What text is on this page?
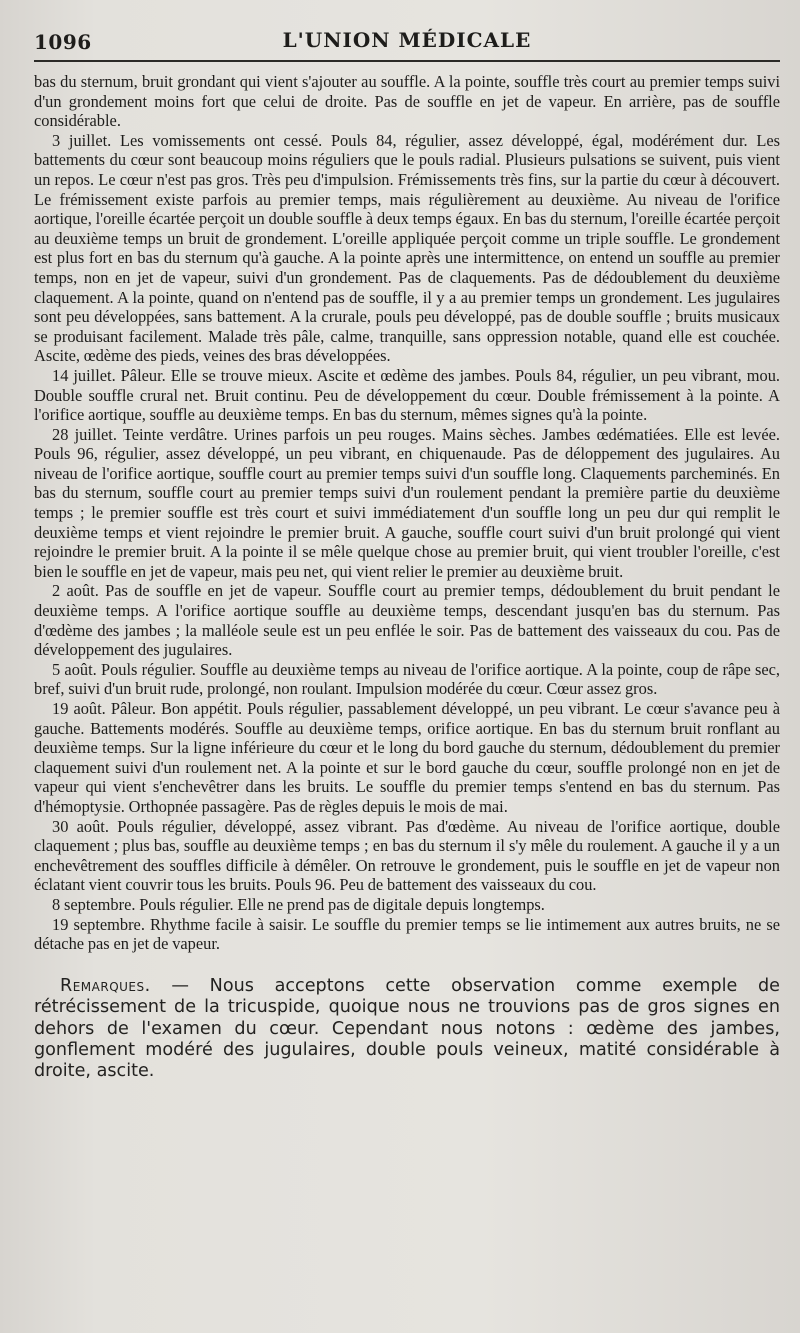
1096	L'UNION MÉDICALE

bas du sternum, bruit grondant qui vient s'ajouter au souffle. A la pointe, souffle très court au premier temps suivi d'un grondement moins fort que celui de droite. Pas de souffle en jet de vapeur. En arrière, pas de souffle considérable.

3 juillet. Les vomissements ont cessé. Pouls 84, régulier, assez développé, égal, modérément dur. Les battements du cœur sont beaucoup moins réguliers que le pouls radial. Plusieurs pulsations se suivent, puis vient un repos. Le cœur n'est pas gros. Très peu d'impulsion. Frémissements très fins, sur la partie du cœur à découvert. Le frémissement existe parfois au premier temps, mais régulièrement au deuxième. Au niveau de l'orifice aortique, l'oreille écartée perçoit un double souffle à deux temps égaux. En bas du sternum, l'oreille écartée perçoit au deuxième temps un bruit de grondement. L'oreille appliquée perçoit comme un triple souffle. Le grondement est plus fort en bas du sternum qu'à gauche. A la pointe après une intermittence, on entend un souffle au premier temps, non en jet de vapeur, suivi d'un grondement. Pas de claquements. Pas de dédoublement du deuxième claquement. A la pointe, quand on n'entend pas de souffle, il y a au premier temps un grondement. Les jugulaires sont peu développées, sans battement. A la crurale, pouls peu développé, pas de double souffle ; bruits musicaux se produisant facilement. Malade très pâle, calme, tranquille, sans oppression notable, quand elle est couchée. Ascite, œdème des pieds, veines des bras développées.

14 juillet. Pâleur. Elle se trouve mieux. Ascite et œdème des jambes. Pouls 84, régulier, un peu vibrant, mou. Double souffle crural net. Bruit continu. Peu de développement du cœur. Double frémissement à la pointe. A l'orifice aortique, souffle au deuxième temps. En bas du sternum, mêmes signes qu'à la pointe.

28 juillet. Teinte verdâtre. Urines parfois un peu rouges. Mains sèches. Jambes œdématiées. Elle est levée. Pouls 96, régulier, assez développé, un peu vibrant, en chiquenaude. Pas de déloppement des jugulaires. Au niveau de l'orifice aortique, souffle court au premier temps suivi d'un souffle long. Claquements parcheminés. En bas du sternum, souffle court au premier temps suivi d'un roulement pendant la première partie du deuxième temps ; le premier souffle est très court et suivi immédiatement d'un souffle long un peu dur qui remplit le deuxième temps et vient rejoindre le premier bruit. A gauche, souffle court suivi d'un bruit prolongé qui vient rejoindre le premier bruit. A la pointe il se mêle quelque chose au premier bruit, qui vient troubler l'oreille, c'est bien le souffle en jet de vapeur, mais peu net, qui vient relier le premier au deuxième bruit.

2 août. Pas de souffle en jet de vapeur. Souffle court au premier temps, dédoublement du bruit pendant le deuxième temps. A l'orifice aortique souffle au deuxième temps, descendant jusqu'en bas du sternum. Pas d'œdème des jambes ; la malléole seule est un peu enflée le soir. Pas de battement des vaisseaux du cou. Pas de développement des jugulaires.

5 août. Pouls régulier. Souffle au deuxième temps au niveau de l'orifice aortique. A la pointe, coup de râpe sec, bref, suivi d'un bruit rude, prolongé, non roulant. Impulsion modérée du cœur. Cœur assez gros.

19 août. Pâleur. Bon appétit. Pouls régulier, passablement développé, un peu vibrant. Le cœur s'avance peu à gauche. Battements modérés. Souffle au deuxième temps, orifice aortique. En bas du sternum bruit ronflant au deuxième temps. Sur la ligne inférieure du cœur et le long du bord gauche du sternum, dédoublement du premier claquement suivi d'un roulement net. A la pointe et sur le bord gauche du cœur, souffle prolongé non en jet de vapeur qui vient s'enchevêtrer dans les bruits. Le souffle du premier temps s'entend en bas du sternum. Pas d'hémoptysie. Orthopnée passagère. Pas de règles depuis le mois de mai.

30 août. Pouls régulier, développé, assez vibrant. Pas d'œdème. Au niveau de l'orifice aortique, double claquement ; plus bas, souffle au deuxième temps ; en bas du sternum il s'y mêle du roulement. A gauche il y a un enchevêtrement des souffles difficile à démêler. On retrouve le grondement, puis le souffle en jet de vapeur non éclatant vient couvrir tous les bruits. Pouls 96. Peu de battement des vaisseaux du cou.

8 septembre. Pouls régulier. Elle ne prend pas de digitale depuis longtemps.

19 septembre. Rhythme facile à saisir. Le souffle du premier temps se lie intimement aux autres bruits, ne se détache pas en jet de vapeur.

Remarques. — Nous acceptons cette observation comme exemple de rétrécissement de la tricuspide, quoique nous ne trouvions pas de gros signes en dehors de l'examen du cœur. Cependant nous notons : œdème des jambes, gonflement modéré des jugulaires, double pouls veineux, matité considérable à droite, ascite.
